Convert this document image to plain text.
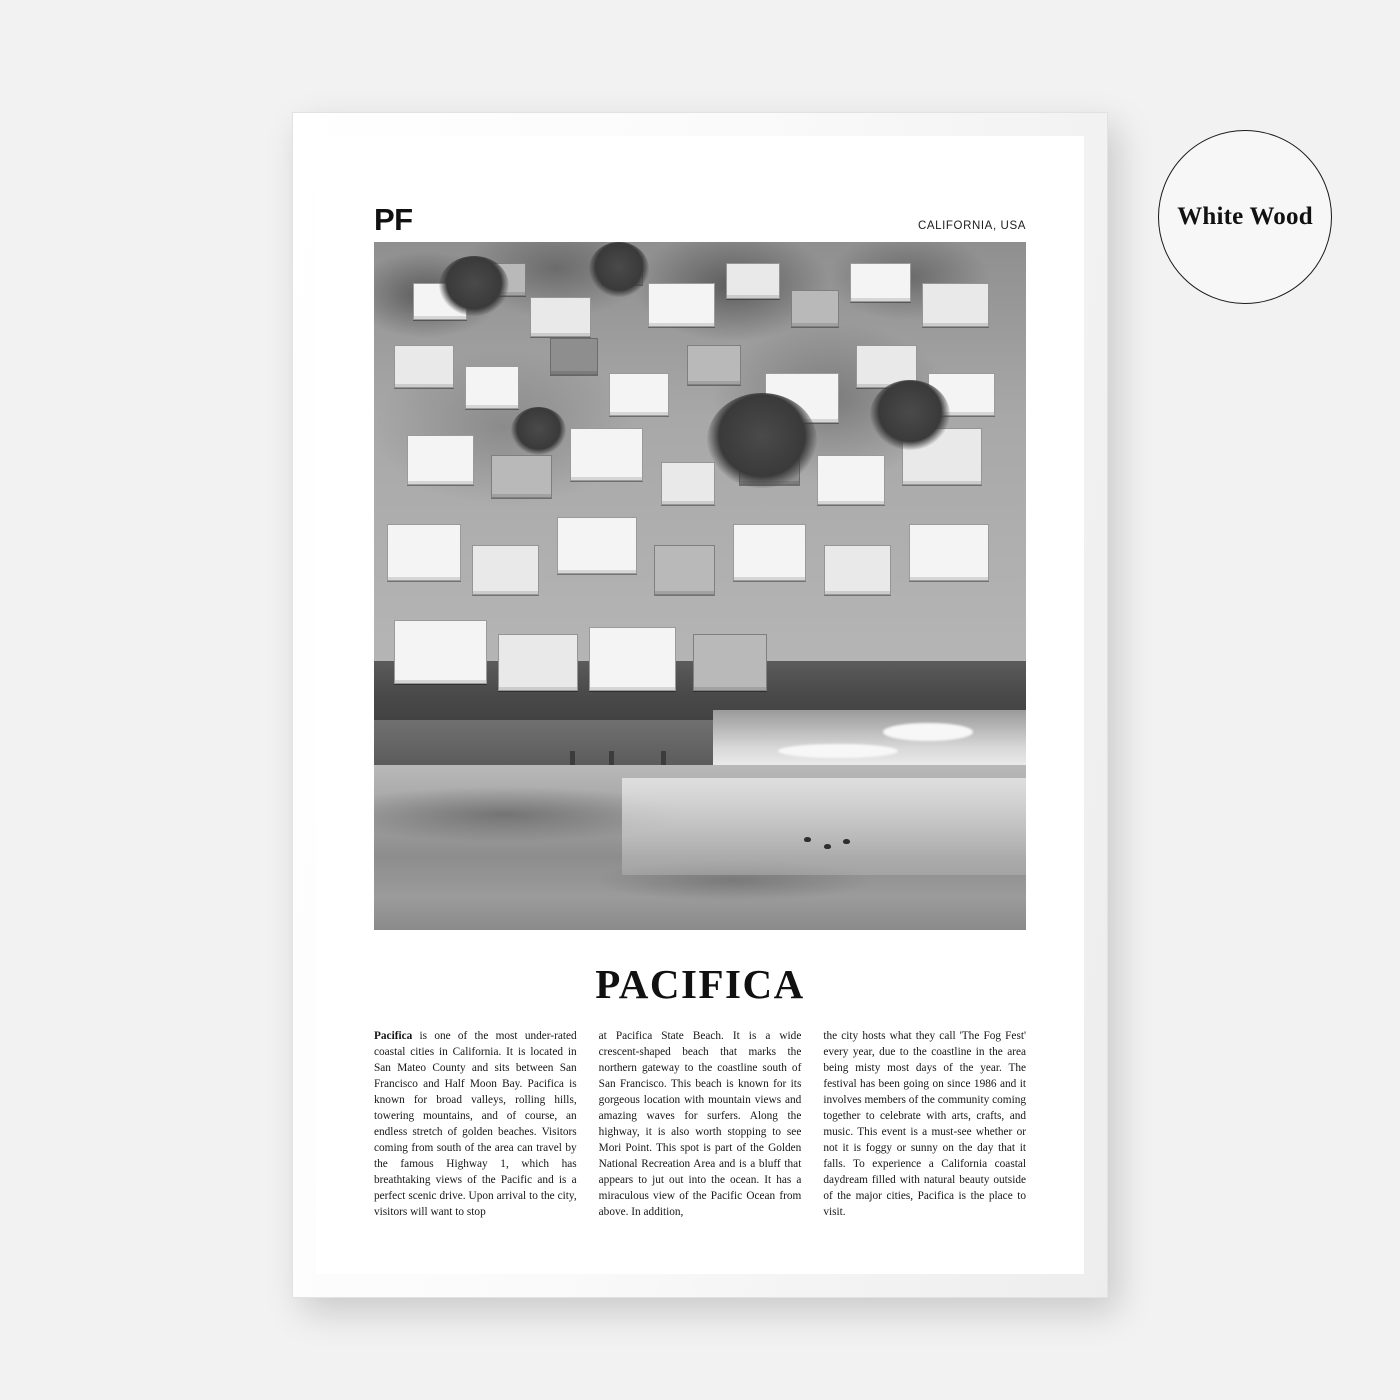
White Wood
PF	CALIFORNIA, USA
PACIFICA
Pacifica is one of the most under-rated coastal cities in California. It is located in San Mateo County and sits between San Francisco and Half Moon Bay. Pacifica is known for broad valleys, rolling hills, towering mountains, and of course, an endless stretch of golden beaches. Visitors coming from south of the area can travel by the famous Highway 1, which has breathtaking views of the Pacific and is a perfect scenic drive. Upon arrival to the city, visitors will want to stop
at Pacifica State Beach. It is a wide crescent-shaped beach that marks the northern gateway to the coastline south of San Francisco. This beach is known for its gorgeous location with mountain views and amazing waves for surfers. Along the highway, it is also worth stopping to see Mori Point. This spot is part of the Golden National Recreation Area and is a bluff that appears to jut out into the ocean. It has a miraculous view of the Pacific Ocean from above. In addition,
the city hosts what they call 'The Fog Fest' every year, due to the coastline in the area being misty most days of the year. The festival has been going on since 1986 and it involves members of the community coming together to celebrate with arts, crafts, and music. This event is a must-see whether or not it is foggy or sunny on the day that it falls. To experience a California coastal daydream filled with natural beauty outside of the major cities, Pacifica is the place to visit.
